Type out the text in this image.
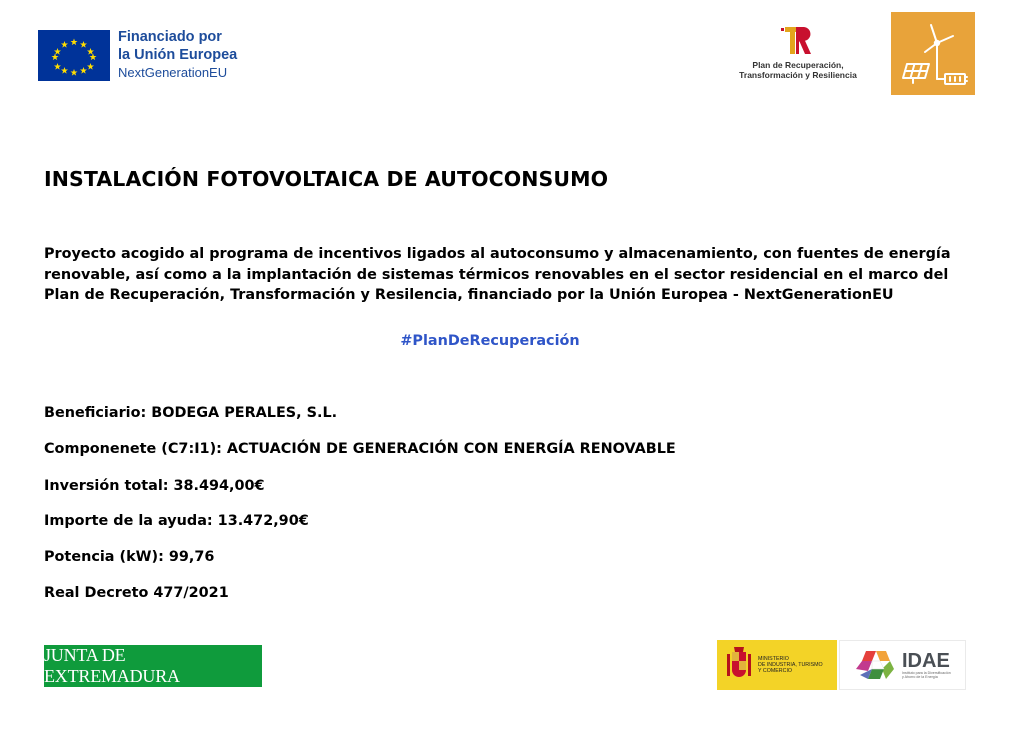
Financiado por
la Unión Europea
NextGenerationEU	Plan de Recuperación,
Transformación y Resiliencia
INSTALACIÓN FOTOVOLTAICA DE AUTOCONSUMO
Proyecto acogido al programa de incentivos ligados al autoconsumo y almacenamiento, con fuentes de energía
renovable, así como a la implantación de sistemas térmicos renovables en el sector residencial en el marco del
Plan de Recuperación, Transformación y Resilencia, financiado por la Unión Europea - NextGenerationEU
#PlanDeRecuperación
Beneficiario: BODEGA PERALES, S.L.
Componenete (C7:I1): ACTUACIÓN DE GENERACIÓN CON ENERGÍA RENOVABLE
Inversión total: 38.494,00€
Importe de la ayuda: 13.472,90€
Potencia (kW): 99,76
Real Decreto 477/2021
JUNTA DE EXTREMADURA
MINISTERIO
DE INDUSTRIA, TURISMO
Y COMERCIO	IDAE
Instituto para la Diversificación
y Ahorro de la Energía
